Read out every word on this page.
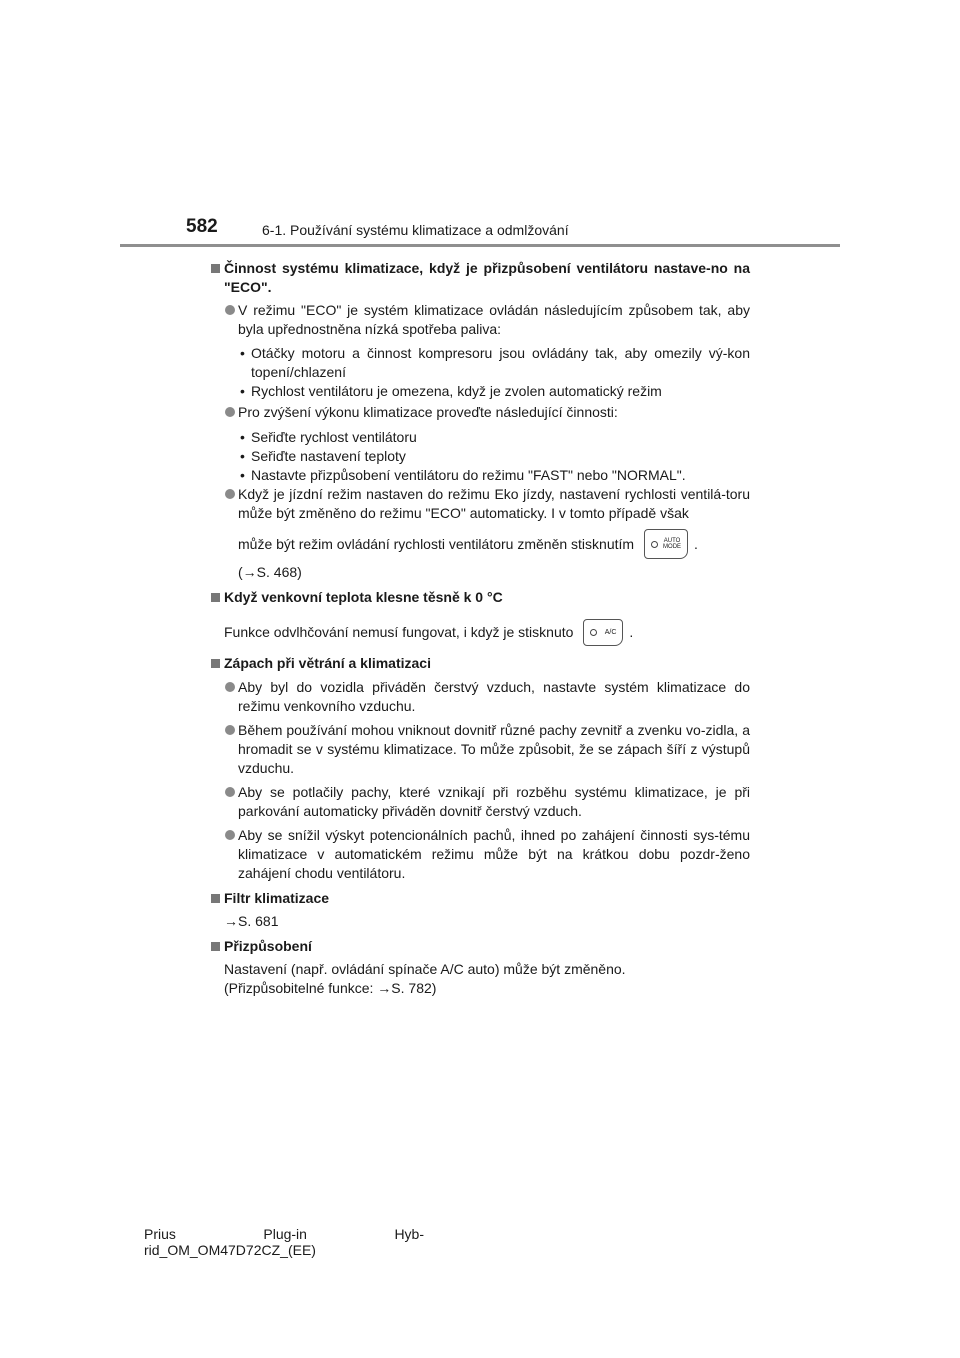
582	6-1. Používání systému klimatizace a odmlžování
Činnost systému klimatizace, když je přizpůsobení ventilátoru nastave-no na "ECO".
V režimu "ECO" je systém klimatizace ovládán následujícím způsobem tak, aby byla upřednostněna nízká spotřeba paliva:
• Otáčky motoru a činnost kompresoru jsou ovládány tak, aby omezily vý-kon topení/chlazení
• Rychlost ventilátoru je omezena, když je zvolen automatický režim
Pro zvýšení výkonu klimatizace proveďte následující činnosti:
• Seřiďte rychlost ventilátoru
• Seřiďte nastavení teploty
• Nastavte přizpůsobení ventilátoru do režimu "FAST" nebo "NORMAL".
Když je jízdní režim nastaven do režimu Eko jízdy, nastavení rychlosti ventilá-toru může být změněno do režimu "ECO" automaticky. I v tomto případě však
může být režim ovládání rychlosti ventilátoru změněn stisknutím	AUTO
MODE .
(→S. 468)
Když venkovní teplota klesne těsně k 0 °C
Funkce odvlhčování nemusí fungovat, i když je stisknuto	A/C .
Zápach při větrání a klimatizaci
Aby byl do vozidla přiváděn čerstvý vzduch, nastavte systém klimatizace do režimu venkovního vzduchu.
Během používání mohou vniknout dovnitř různé pachy zevnitř a zvenku vo-zidla, a hromadit se v systému klimatizace. To může způsobit, že se zápach šíří z výstupů vzduchu.
Aby se potlačily pachy, které vznikají při rozběhu systému klimatizace, je při parkování automaticky přiváděn dovnitř čerstvý vzduch.
Aby se snížil výskyt potencionálních pachů, ihned po zahájení činnosti sys-tému klimatizace v automatickém režimu může být na krátkou dobu pozdr-ženo zahájení chodu ventilátoru.
Filtr klimatizace
→S. 681
Přizpůsobení
Nastavení (např. ovládání spínače A/C auto) může být změněno.
(Přizpůsobitelné funkce: →S. 782)
Prius	Plug-in	Hyb-
rid_OM_OM47D72CZ_(EE)
